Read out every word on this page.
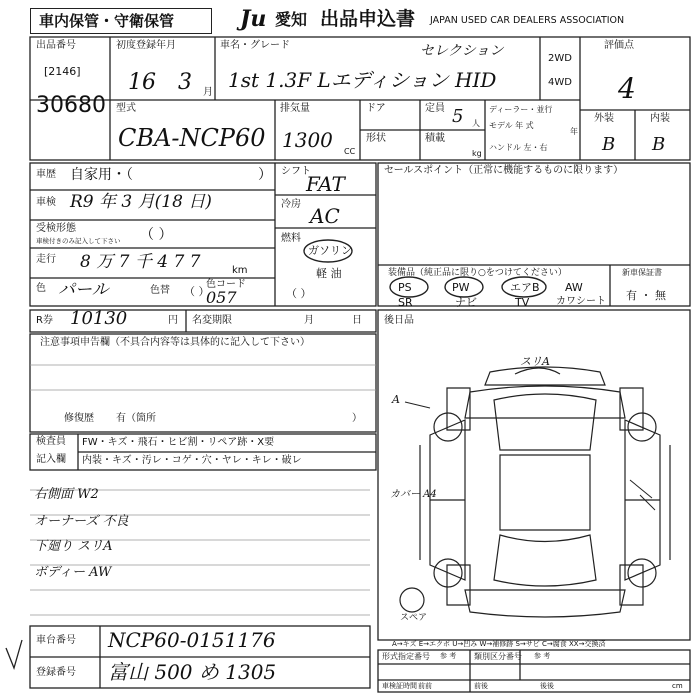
車内保管・守衛保管	Ju 愛知 出品申込書 JAPAN USED CAR DEALERS ASSOCIATION
出品番号
[2146]
30680
初度登録年月
16 3 月
車名・グレード	セレクション
1st 1.3F Lエディション HID
2WD
4WD
評価点
4
外装	内装
B B
型式
CBA-NCP60
排気量
1300 CC
ドア
形状
定員 5 人
積載
kg
ディーラー・並行
モデル 年 式
年
ハンドル 左・右
車歴 自家用・（	）
車検 R9 年 3 月(18 日)
受検形態
車検付きのみ記入して下さい （ ）
走行 8 万 7 千 4 7 7	km
色 パール	色替 （ ）
色コード
057
シフト
FAT
冷房 AC
燃料
ガソリン
軽 油
（ ）
セールスポイント（正常に機能するものに限ります）
装備品（純正品に限り○をつけてください）
PS	PW	エアB AW
SR	ナビ	TV	カワシート
新車保証書
有 ・ 無
R券 10130	円 名変期限	月	日
注意事項申告欄（不具合内容等は具体的に記入して下さい）
修復歴 有（箇所	）
検査員
記入欄
FW・キズ・飛石・ヒビ割・リペア跡・X要
内装・キズ・汚レ・コゲ・穴・ヤレ・キレ・破レ
右側面 W2
オーナーズ 不良
下廻り スリA
ボディー AW
後日品
スリA
A
カバー A4
スペア
A→キズ E→エクボ U→凹み W→補修跡 S→サビ C→腐食 XX→交換済
車台番号 NCP60-0151176
登録番号 富山 500 め 1305
形式指定番号 参 考 類別区分番号 参 考
車検証時間 前前	前後	後後	cm
